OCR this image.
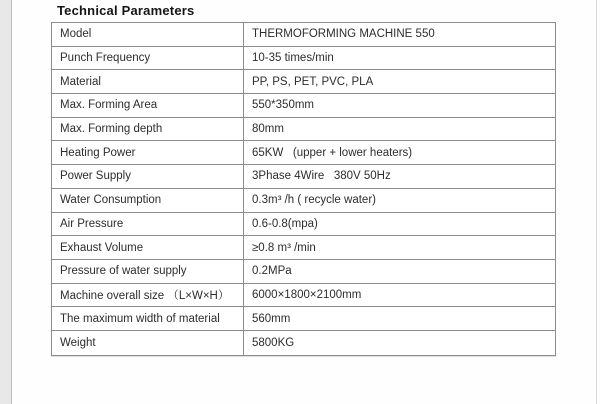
Technical Parameters
Model	THERMOFORMING MACHINE 550
Punch Frequency	10-35 times/min
Material	PP, PS, PET, PVC, PLA
Max. Forming Area	550*350mm
Max. Forming depth	80mm
Heating Power	65KW   (upper + lower heaters)
Power Supply	3Phase 4Wire   380V 50Hz
Water Consumption	0.3m³ /h ( recycle water)
Air Pressure	0.6-0.8(mpa)
Exhaust Volume	≥0.8 m³ /min
Pressure of water supply	0.2MPa
Machine overall size （L×W×H）	6000×1800×2100mm
The maximum width of material	560mm
Weight	5800KG
